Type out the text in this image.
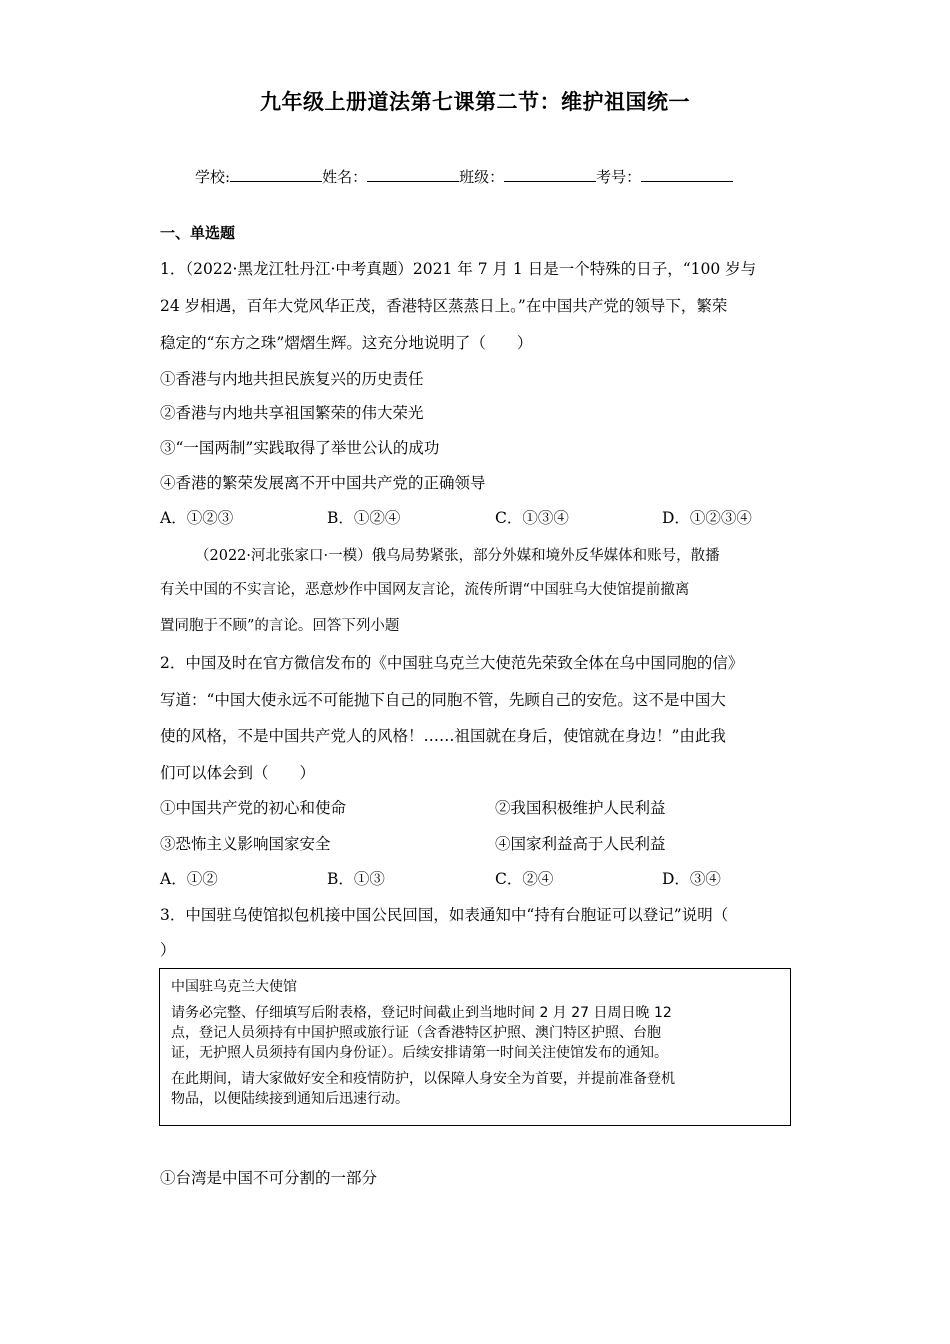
九年级上册道法第七课第二节：维护祖国统一
学校:	姓名：	班级：	考号：
一、单选题
1．（2022·黑龙江牡丹江·中考真题）2021 年 7 月 1 日是一个特殊的日子，“100 岁与
24 岁相遇，百年大党风华正茂，香港特区蒸蒸日上。”在中国共产党的领导下，繁荣
稳定的“东方之珠”熠熠生辉。这充分地说明了（　　）
①香港与内地共担民族复兴的历史责任
②香港与内地共享祖国繁荣的伟大荣光
③“一国两制”实践取得了举世公认的成功
④香港的繁荣发展离不开中国共产党的正确领导
A．①②③	B．①②④	C．①③④	D．①②③④
（2022·河北张家口·一模）俄乌局势紧张，部分外媒和境外反华媒体和账号，散播
有关中国的不实言论，恶意炒作中国网友言论，流传所谓“中国驻乌大使馆提前撤离
置同胞于不顾”的言论。回答下列小题
2．中国及时在官方微信发布的《中国驻乌克兰大使范先荣致全体在乌中国同胞的信》
写道：“中国大使永远不可能抛下自己的同胞不管，先顾自己的安危。这不是中国大
使的风格，不是中国共产党人的风格！……祖国就在身后，使馆就在身边！”由此我
们可以体会到（　　）
①中国共产党的初心和使命	②我国积极维护人民利益
③恐怖主义影响国家安全	④国家利益高于人民利益
A．①②	B．①③	C．②④	D．③④
3．中国驻乌使馆拟包机接中国公民回国，如表通知中“持有台胞证可以登记”说明（
）

中国驻乌克兰大使馆

请务必完整、仔细填写后附表格，登记时间截止到当地时间 2 月 27 日周日晚 12

点，登记人员须持有中国护照或旅行证（含香港特区护照、澳门特区护照、台胞

证，无护照人员须持有国内身份证）。后续安排请第一时间关注使馆发布的通知。

在此期间，请大家做好安全和疫情防护，以保障人身安全为首要，并提前准备登机

物品，以便陆续接到通知后迅速行动。

①台湾是中国不可分割的一部分
